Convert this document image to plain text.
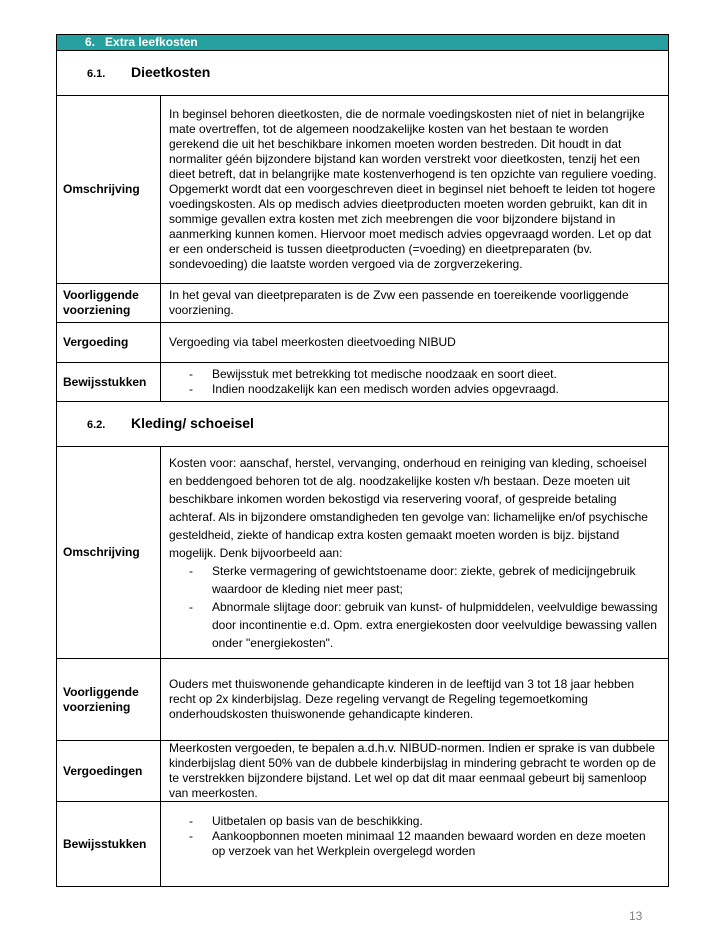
6. Extra leefkosten	
6.1. Dieetkosten	
Omschrijving	In beginsel behoren dieetkosten, die de normale voedingskosten niet of niet in belangrijke mate overtreffen, tot de algemeen noodzakelijke kosten van het bestaan te worden gerekend die uit het beschikbare inkomen moeten worden bestreden. Dit houdt in dat normaliter géén bijzondere bijstand kan worden verstrekt voor dieetkosten, tenzij het een dieet betreft, dat in belangrijke mate kostenverhogend is ten opzichte van reguliere voeding. Opgemerkt wordt dat een voorgeschreven dieet in beginsel niet behoeft te leiden tot hogere voedingskosten. Als op medisch advies dieetproducten moeten worden gebruikt, kan dit in sommige gevallen extra kosten met zich meebrengen die voor bijzondere bijstand in aanmerking kunnen komen. Hiervoor moet medisch advies opgevraagd worden. Let op dat er een onderscheid is tussen dieetproducten (=voeding) en dieetpreparaten (bv. sondevoeding) die laatste worden vergoed via de zorgverzekering.
Voorliggende voorziening	In het geval van dieetpreparaten is de Zvw een passende en toereikende voorliggende voorziening.
Vergoeding	Vergoeding via tabel meerkosten dieetvoeding NIBUD
Bewijsstukken	
- Bewijsstuk met betrekking tot medische noodzaak en soort dieet.
- Indien noodzakelijk kan een medisch worden advies opgevraagd.

6.2. Kleding/ schoeisel	
Omschrijving	
Kosten voor: aanschaf, herstel, vervanging, onderhoud en reiniging van kleding, schoeisel en beddengoed behoren tot de alg. noodzakelijke kosten v/h bestaan. Deze moeten uit beschikbare inkomen worden bekostigd via reservering vooraf, of gespreide betaling achteraf. Als in bijzondere omstandigheden ten gevolge van: lichamelijke en/of psychische gesteldheid, ziekte of handicap extra kosten gemaakt moeten worden is bijz. bijstand mogelijk. Denk bijvoorbeeld aan:
- Sterke vermagering of gewichtstoename door: ziekte, gebrek of medicijngebruik waardoor de kleding niet meer past;
- Abnormale slijtage door: gebruik van kunst- of hulpmiddelen, veelvuldige bewassing door incontinentie e.d. Opm. extra energiekosten door veelvuldige bewassing vallen onder "energiekosten".

Voorliggende voorziening	Ouders met thuiswonende gehandicapte kinderen in de leeftijd van 3 tot 18 jaar hebben recht op 2x kinderbijslag. Deze regeling vervangt de Regeling tegemoetkoming onderhoudskosten thuiswonende gehandicapte kinderen.
Vergoedingen	Meerkosten vergoeden, te bepalen a.d.h.v. NIBUD-normen. Indien er sprake is van dubbele kinderbijslag dient 50% van de dubbele kinderbijslag in mindering gebracht te worden op de te verstrekken bijzondere bijstand. Let wel op dat dit maar eenmaal gebeurt bij samenloop van meerkosten.
Bewijsstukken	
- Uitbetalen op basis van de beschikking.
- Aankoopbonnen moeten minimaal 12 maanden bewaard worden en deze moeten op verzoek van het Werkplein overgelegd worden
13
